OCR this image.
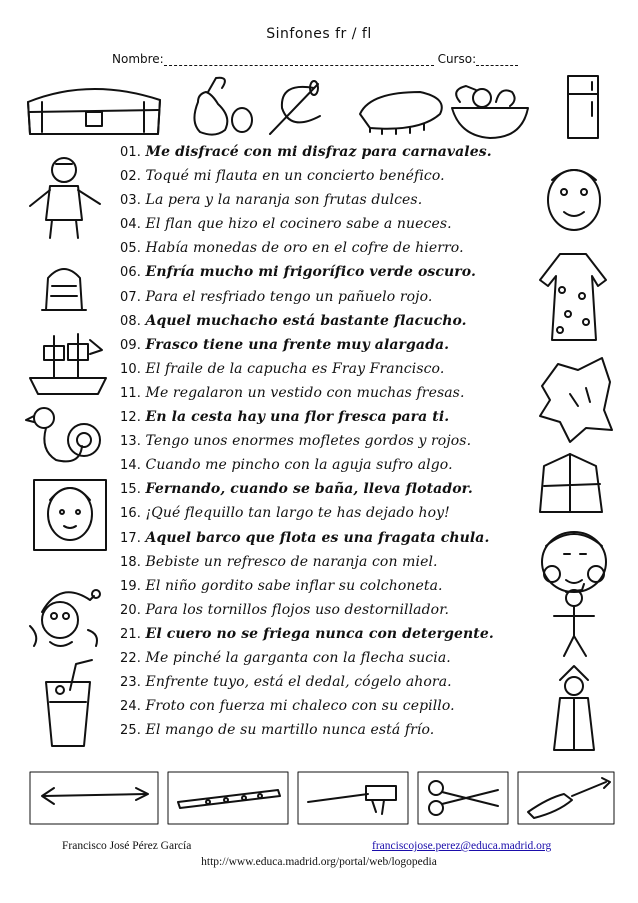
Sinfones fr / fl
Nombre:	Curso:
01. Me disfracé con mi disfraz para carnavales.
02. Toqué mi flauta en un concierto benéfico.
03. La pera y la naranja son frutas dulces.
04. El flan que hizo el cocinero sabe a nueces.
05. Había monedas de oro en el cofre de hierro.
06. Enfría mucho mi frigorífico verde oscuro.
07. Para el resfriado tengo un pañuelo rojo.
08. Aquel muchacho está bastante flacucho.
09. Frasco tiene una frente muy alargada.
10. El fraile de la capucha es Fray Francisco.
11. Me regalaron un vestido con muchas fresas.
12. En la cesta hay una flor fresca para ti.
13. Tengo unos enormes mofletes gordos y rojos.
14. Cuando me pincho con la aguja sufro algo.
15. Fernando, cuando se baña, lleva flotador.
16. ¡Qué flequillo tan largo te has dejado hoy!
17. Aquel barco que flota es una fragata chula.
18. Bebiste un refresco de naranja con miel.
19. El niño gordito sabe inflar su colchoneta.
20. Para los tornillos flojos uso destornillador.
21. El cuero no se friega nunca con detergente.
22. Me pinché la garganta con la flecha sucia.
23. Enfrente tuyo, está el dedal, cógelo ahora.
24. Froto con fuerza mi chaleco con su cepillo.
25. El mango de su martillo nunca está frío.
Francisco José Pérez García	franciscojose.perez@educa.madrid.org
http://www.educa.madrid.org/portal/web/logopedia
